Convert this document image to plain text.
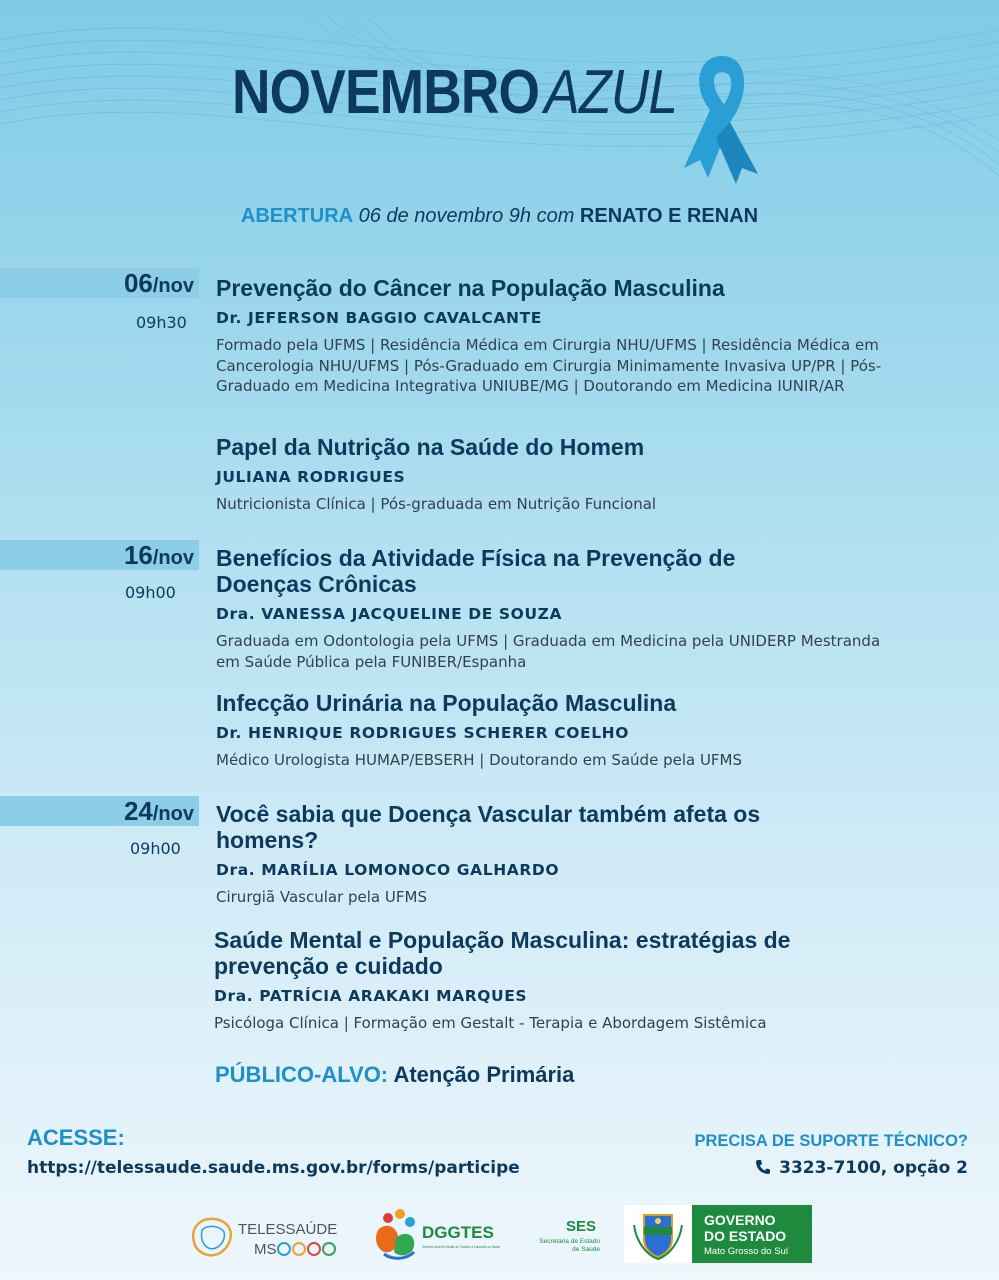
NOVEMBROAZUL
ABERTURA 06 de novembro 9h com RENATO E RENAN
06/nov
09h30
Prevenção do Câncer na População Masculina
Dr. JEFERSON BAGGIO CAVALCANTE
Formado pela UFMS | Residência Médica em Cirurgia NHU/UFMS | Residência Médica em Cancerologia NHU/UFMS | Pós-Graduado em Cirurgia Minimamente Invasiva UP/PR | Pós-Graduado em Medicina Integrativa UNIUBE/MG | Doutorando em Medicina IUNIR/AR
Papel da Nutrição na Saúde do Homem
JULIANA RODRIGUES
Nutricionista Clínica | Pós-graduada em Nutrição Funcional
16/nov
09h00
Benefícios da Atividade Física na Prevenção de Doenças Crônicas
Dra. VANESSA JACQUELINE DE SOUZA
Graduada em Odontologia pela UFMS | Graduada em Medicina pela UNIDERP Mestranda em Saúde Pública pela FUNIBER/Espanha
Infecção Urinária na População Masculina
Dr. HENRIQUE RODRIGUES SCHERER COELHO
Médico Urologista HUMAP/EBSERH | Doutorando em Saúde pela UFMS
24/nov
09h00
Você sabia que Doença Vascular também afeta os homens?
Dra. MARÍLIA LOMONOCO GALHARDO
Cirurgiã Vascular pela UFMS
Saúde Mental e População Masculina: estratégias de prevenção e cuidado
Dra. PATRÍCIA ARAKAKI MARQUES
Psicóloga Clínica | Formação em Gestalt - Terapia e Abordagem Sistêmica
PÚBLICO-ALVO: Atenção Primária
ACESSE:
https://telessaude.saude.ms.gov.br/forms/participe
PRECISA DE SUPORTE TÉCNICO?
3323-7100, opção 2
TELESSAÚDE
MS
DGGTES
Diretoria Geral de Gestão do Trabalho e Educação na Saúde
SES
Secretaria de Estado
de Saúde
GOVERNO
DO ESTADO
Mato Grosso do Sul
